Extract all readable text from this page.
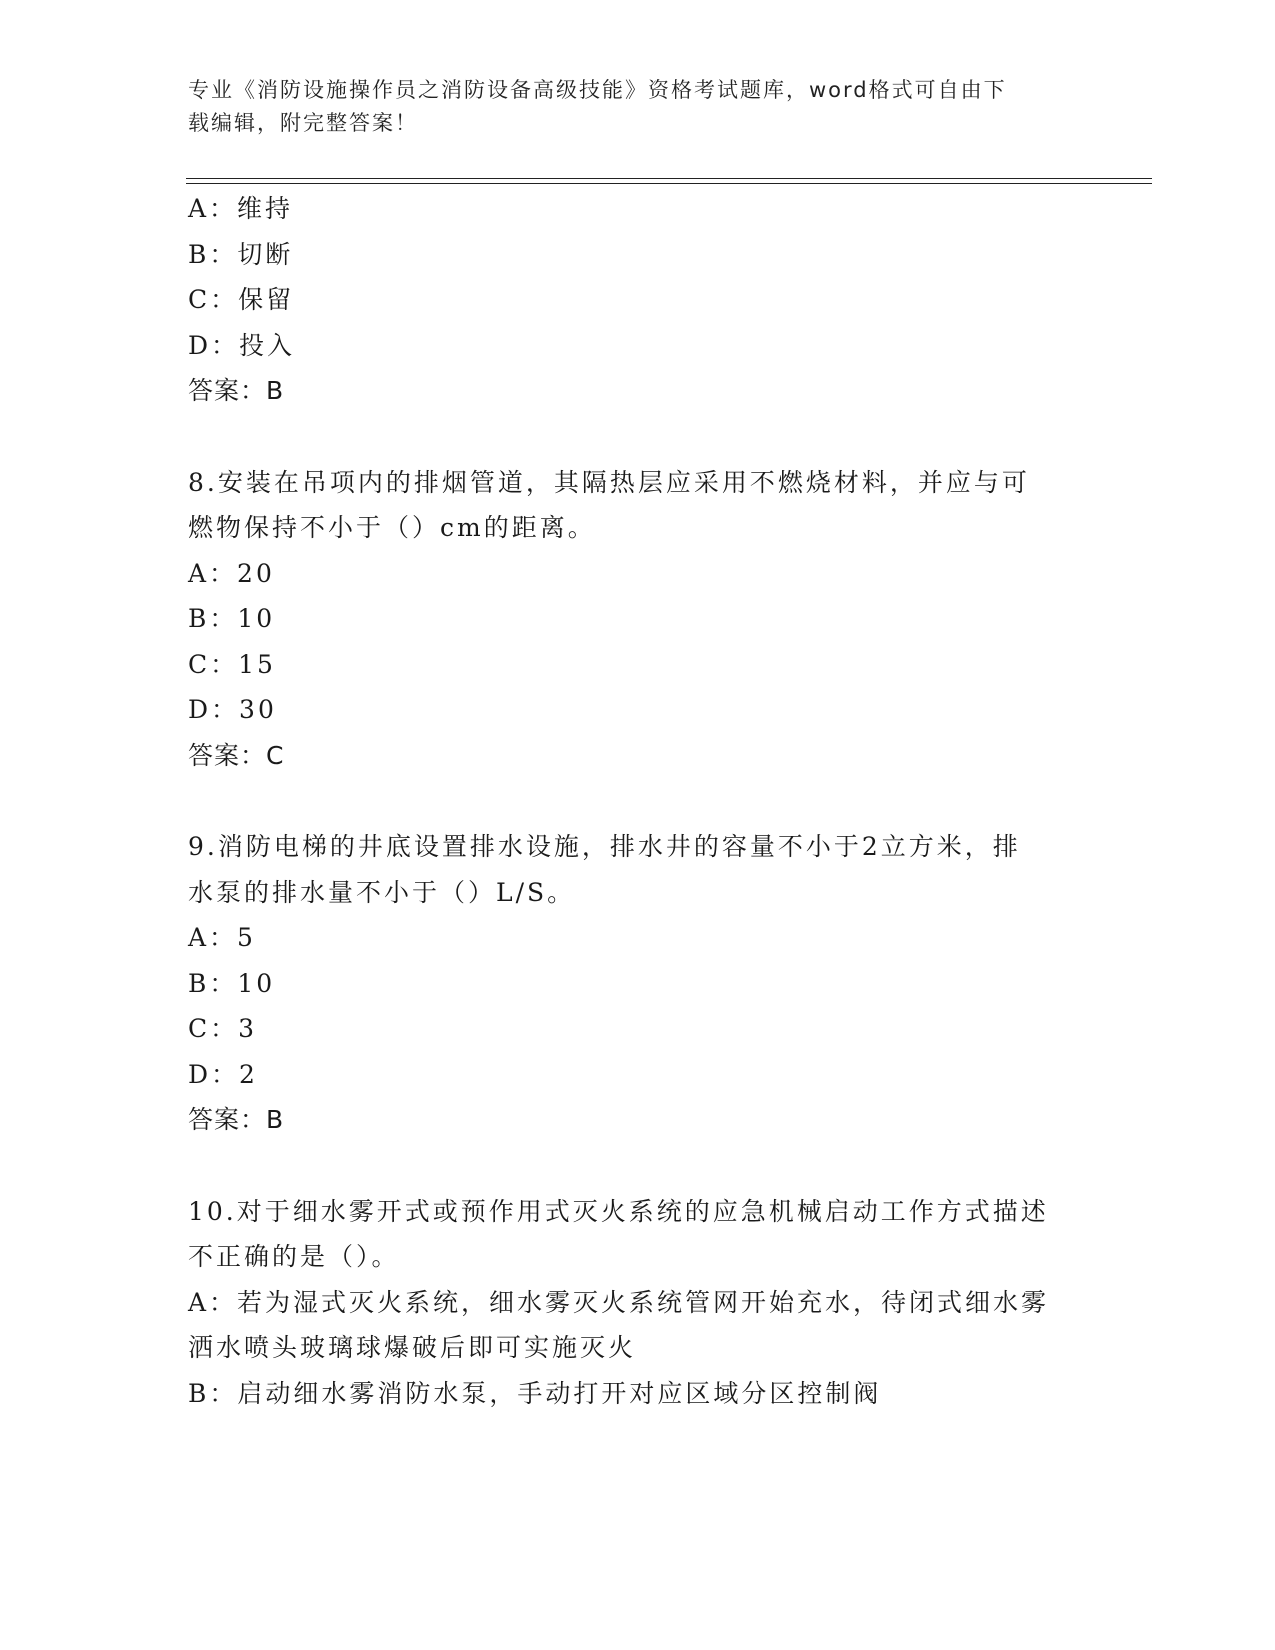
专业《消防设施操作员之消防设备高级技能》资格考试题库，word格式可自由下
载编辑，附完整答案！
A：维持
B：切断
C：保留
D：投入
答案：B
8.安装在吊项内的排烟管道，其隔热层应采用不燃烧材料，并应与可
燃物保持不小于（）cm的距离。
A：20
B：10
C：15
D：30
答案：C
9.消防电梯的井底设置排水设施，排水井的容量不小于2立方米，排
水泵的排水量不小于（）L/S。
A：5
B：10
C：3
D：2
答案：B
10.对于细水雾开式或预作用式灭火系统的应急机械启动工作方式描述
不正确的是（）。
A：若为湿式灭火系统，细水雾灭火系统管网开始充水，待闭式细水雾
洒水喷头玻璃球爆破后即可实施灭火
B：启动细水雾消防水泵，手动打开对应区域分区控制阀
